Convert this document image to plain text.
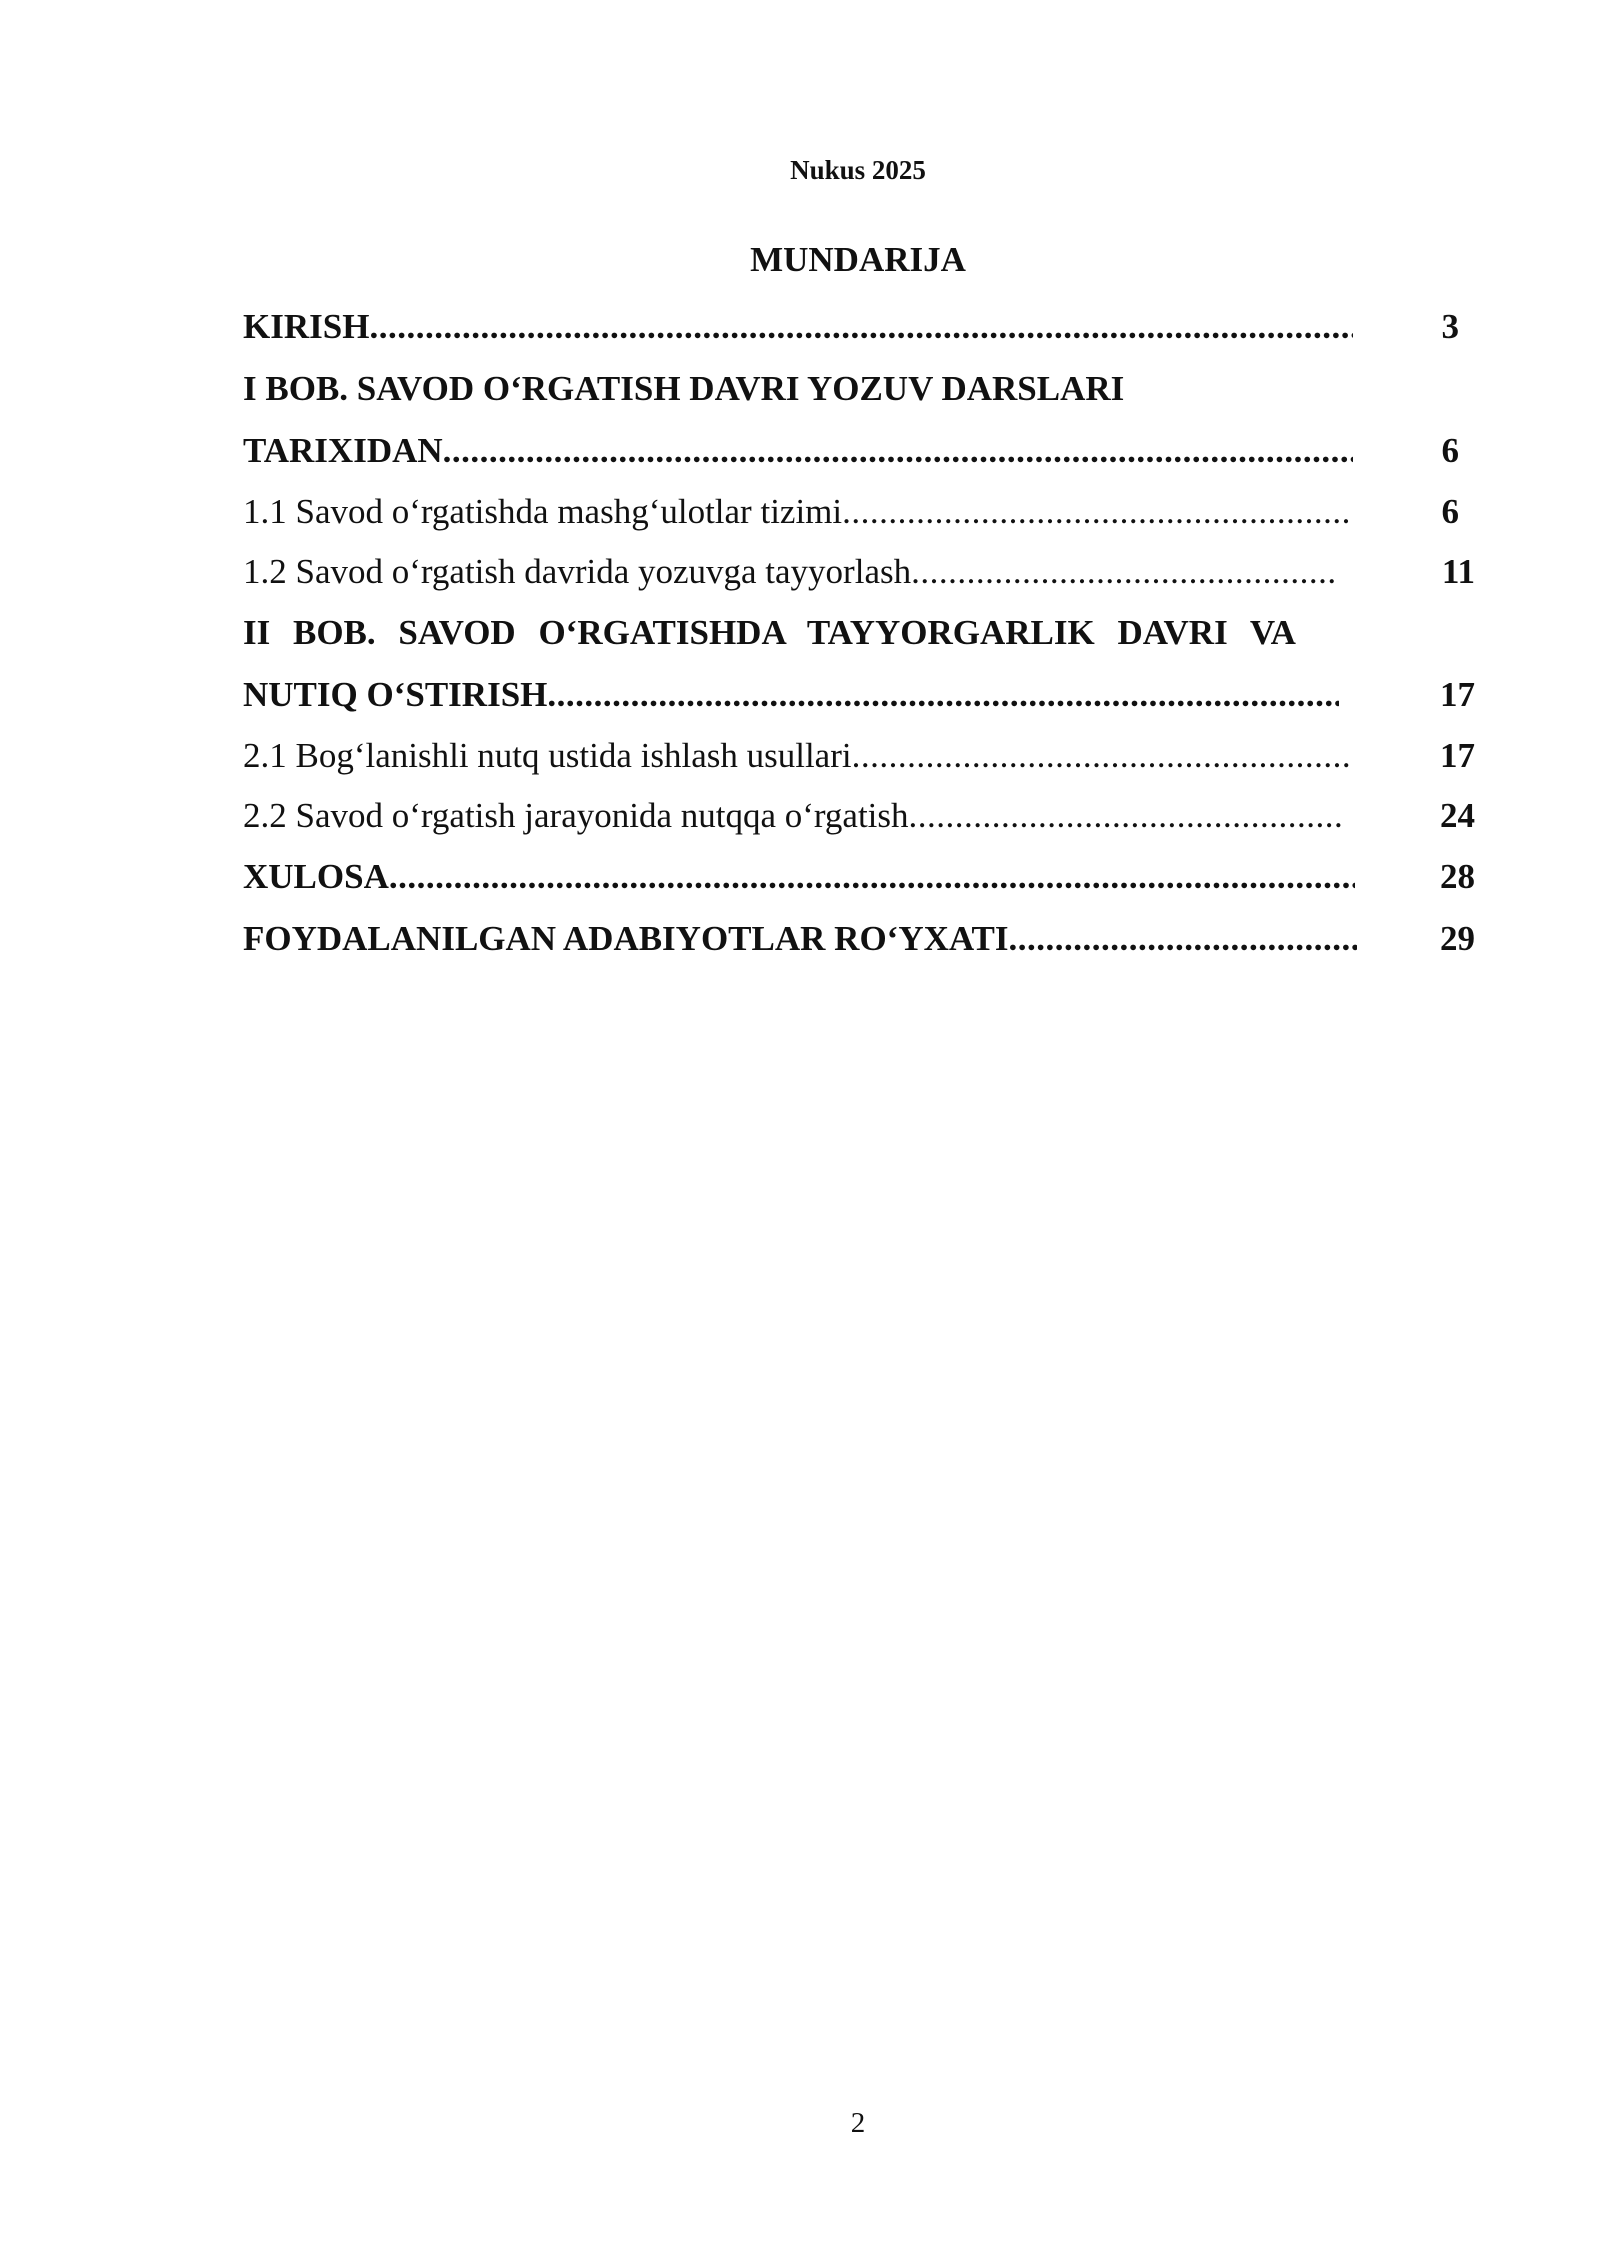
Nukus 2025
MUNDARIJA
KIRISH .....	3
I BOB. SAVOD O‘RGATISH DAVRI YOZUV DARSLARI
TARIXIDAN .....	6
1.1 Savod o‘rgatishda mashg‘ulotlar tizimi .....	6
1.2 Savod o‘rgatish davrida yozuvga tayyorlash .....	11
II BOB. SAVOD O‘RGATISHDA TAYYORGARLIK DAVRI VA
NUTIQ O‘STIRISH .....	17
2.1 Bog‘lanishli nutq ustida ishlash usullari .....	17
2.2 Savod o‘rgatish jarayonida nutqqa o‘rgatish .....	24
XULOSA .....	28
FOYDALANILGAN ADABIYOTLAR RO‘YXATI .....	29
2
